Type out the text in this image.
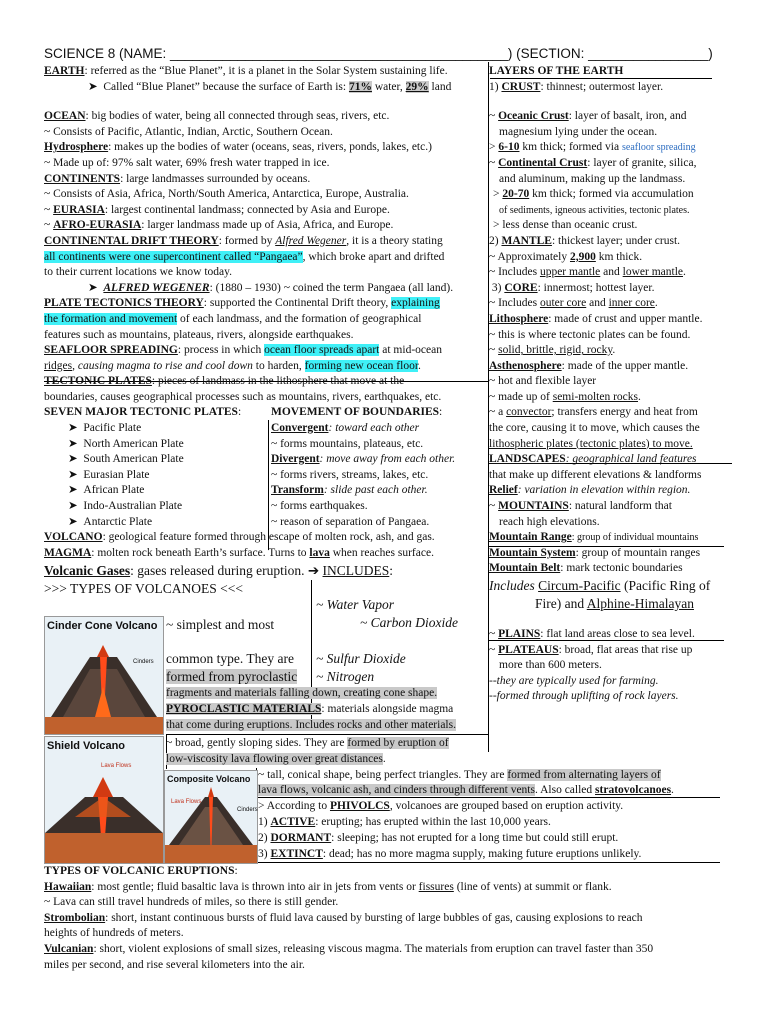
SCIENCE 8 (NAME: _____________________________________________) (SECTION: ________________)
EARTH: referred as the “Blue Planet”, it is a planet in the Solar System sustaining life.
➤  Called “Blue Planet” because the surface of Earth is: 71% water, 29% land
OCEAN: big bodies of water, being all connected through seas, rivers, etc.
~ Consists of Pacific, Atlantic, Indian, Arctic, Southern Ocean.
Hydrosphere: makes up the bodies of water (oceans, seas, rivers, ponds, lakes, etc.)
~ Made up of: 97% salt water, 69% fresh water trapped in ice.
CONTINENTS: large landmasses surrounded by oceans.
~ Consists of Asia, Africa, North/South America, Antarctica, Europe, Australia.
~ EURASIA: largest continental landmass; connected by Asia and Europe.
~ AFRO-EURASIA: larger landmass made up of Asia, Africa, and Europe.
CONTINENTAL DRIFT THEORY: formed by Alfred Wegener, it is a theory stating
all continents were one supercontinent called “Pangaea”, which broke apart and drifted
to their current locations we know today.
➤  ALFRED WEGENER: (1880 – 1930) ~ coined the term Pangaea (all land).
PLATE TECTONICS THEORY: supported the Continental Drift theory, explaining
the formation and movement of each landmass, and the formation of geographical
features such as mountains, plateaus, rivers, alongside earthquakes.
SEAFLOOR SPREADING: process in which ocean floor spreads apart at mid-ocean
ridges, causing magma to rise and cool down to harden, forming new ocean floor.
TECTONIC PLATES: pieces of landmass in the lithosphere that move at the
boundaries, causes geographical processes such as mountains, rivers, earthquakes, etc.
SEVEN MAJOR TECTONIC PLATES:
➤  Pacific Plate
➤  North American Plate
➤  South American Plate
➤  Eurasian Plate
➤  African Plate
➤  Indo-Australian Plate
➤  Antarctic Plate
MOVEMENT OF BOUNDARIES:
Convergent: toward each other
~ forms mountains, plateaus, etc.
Divergent: move away from each other.
~ forms rivers, streams, lakes, etc.
Transform: slide past each other.
~ forms earthquakes.
~ reason of separation of Pangaea.
VOLCANO: geological feature formed through escape of molten rock, ash, and gas.
MAGMA: molten rock beneath Earth’s surface. Turns to lava when reaches surface.
Volcanic Gases: gases released during eruption. ➔ INCLUDES:
>>> TYPES OF VOLCANOES <<<
~ Water Vapor
~ Carbon Dioxide
~ Sulfur Dioxide
~ Nitrogen
Cinder Cone Volcano
Cinders
~ simplest and most
common type. They are
formed from pyroclastic
fragments and materials falling down, creating cone shape.
PYROCLASTIC MATERIALS: materials alongside magma
that come during eruptions. Includes rocks and other materials.
Shield Volcano
Lava Flows
Composite Volcano
Lava Flows
Cinders
~ broad, gently sloping sides. They are formed by eruption of
low-viscosity lava flowing over great distances.
~ tall, conical shape, being perfect triangles. They are formed from alternating layers of
lava flows, volcanic ash, and cinders through different vents. Also called stratovolcanoes.
> According to PHIVOLCS, volcanoes are grouped based on eruption activity.
1) ACTIVE: erupting; has erupted within the last 10,000 years.
2) DORMANT: sleeping; has not erupted for a long time but could still erupt.
3) EXTINCT: dead; has no more magma supply, making future eruptions unlikely.
TYPES OF VOLCANIC ERUPTIONS:
Hawaiian: most gentle; fluid basaltic lava is thrown into air in jets from vents or fissures (line of vents) at summit or flank.
~ Lava can still travel hundreds of miles, so there is still gender.
Strombolian: short, instant continuous bursts of fluid lava caused by bursting of large bubbles of gas, causing explosions to reach
heights of hundreds of meters.
Vulcanian: short, violent explosions of small sizes, releasing viscous magma. The materials from eruption can travel faster than 350
miles per second, and rise several kilometers into the air.
LAYERS OF THE EARTH
1) CRUST: thinnest; outermost layer.
~ Oceanic Crust: layer of basalt, iron, and
magnesium lying under the ocean.
> 6-10 km thick; formed via seafloor spreading
~ Continental Crust: layer of granite, silica,
and aluminum, making up the landmass.
> 20-70 km thick; formed via accumulation
of sediments, igneous activities, tectonic plates.
> less dense than oceanic crust.
2) MANTLE: thickest layer; under crust.
~ Approximately 2,900 km thick.
~ Includes upper mantle and lower mantle.
3) CORE: innermost; hottest layer.
~ Includes outer core and inner core.
Lithosphere: made of crust and upper mantle.
~ this is where tectonic plates can be found.
~ solid, brittle, rigid, rocky.
Asthenosphere: made of the upper mantle.
~ hot and flexible layer
~ made up of semi-molten rocks.
~ a convector; transfers energy and heat from
the core, causing it to move, which causes the
lithospheric plates (tectonic plates) to move.
LANDSCAPES: geographical land features
that make up different elevations & landforms
Relief: variation in elevation within region.
~ MOUNTAINS: natural landform that
reach high elevations.
Mountain Range: group of individual mountains
Mountain System: group of mountain ranges
Mountain Belt: mark tectonic boundaries
Includes Circum-Pacific (Pacific Ring of
Fire) and Alphine-Himalayan
~ PLAINS: flat land areas close to sea level.
~ PLATEAUS: broad, flat areas that rise up
more than 600 meters.
--they are typically used for farming.
--formed through uplifting of rock layers.
